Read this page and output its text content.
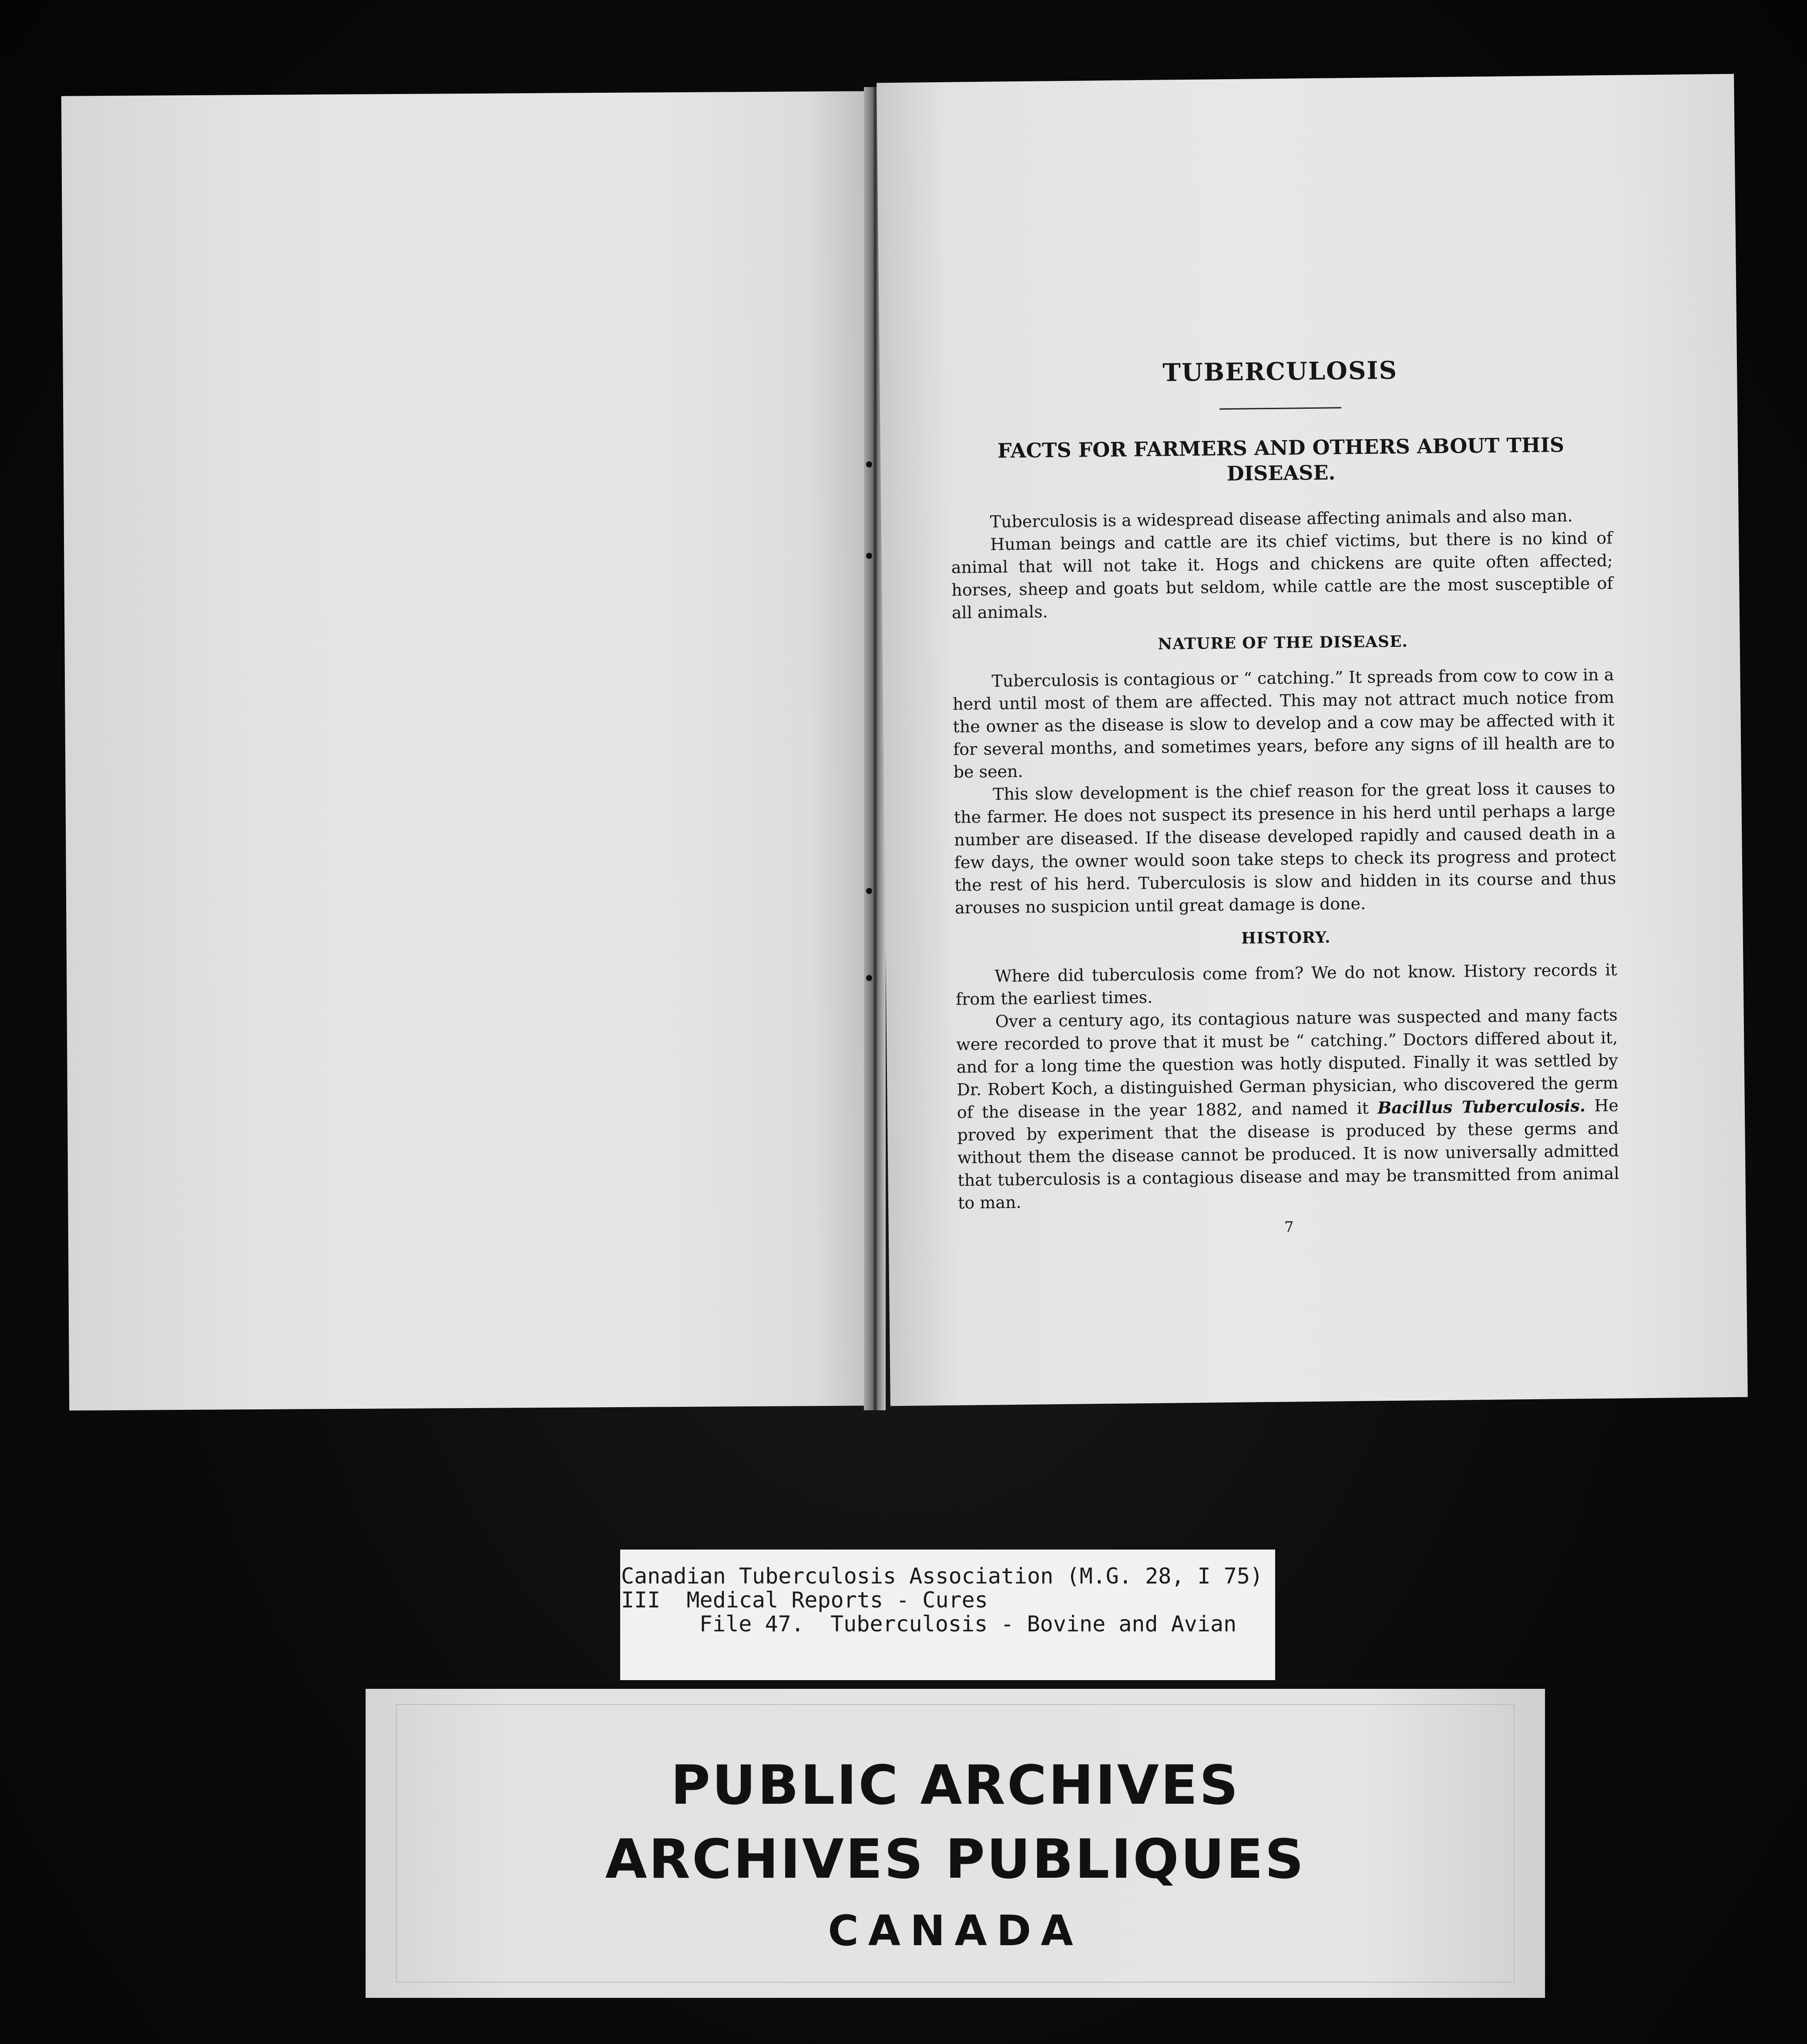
TUBERCULOSIS
FACTS FOR FARMERS AND OTHERS ABOUT THIS DISEASE.

Tuberculosis is a widespread disease affecting animals and also man.

Human beings and cattle are its chief victims, but there is no kind of animal that will not take it. Hogs and chickens are quite often affected; horses, sheep and goats but seldom, while cattle are the most susceptible of all animals.

NATURE OF THE DISEASE.

Tuberculosis is contagious or “ catching.” It spreads from cow to cow in a herd until most of them are affected. This may not attract much notice from the owner as the disease is slow to develop and a cow may be affected with it for several months, and sometimes years, before any signs of ill health are to be seen.

This slow development is the chief reason for the great loss it causes to the farmer. He does not suspect its presence in his herd until perhaps a large number are diseased. If the disease developed rapidly and caused death in a few days, the owner would soon take steps to check its progress and protect the rest of his herd. Tuberculosis is slow and hidden in its course and thus arouses no suspicion until great damage is done.

HISTORY.

Where did tuberculosis come from? We do not know. History records it from the earliest times.

Over a century ago, its contagious nature was suspected and many facts were recorded to prove that it must be “ catching.” Doctors differed about it, and for a long time the question was hotly disputed. Finally it was settled by Dr. Robert Koch, a distinguished German physician, who discovered the germ of the disease in the year 1882, and named it Bacillus Tuberculosis. He proved by experiment that the disease is produced by these germs and without them the disease cannot be produced. It is now universally admitted that tuberculosis is a contagious disease and may be transmitted from animal to man.

7

Canadian Tuberculosis Association (M.G. 28, I 75)
III  Medical Reports - Cures
File 47.  Tuberculosis - Bovine and Avian
PUBLIC ARCHIVES
ARCHIVES PUBLIQUES
CANADA
